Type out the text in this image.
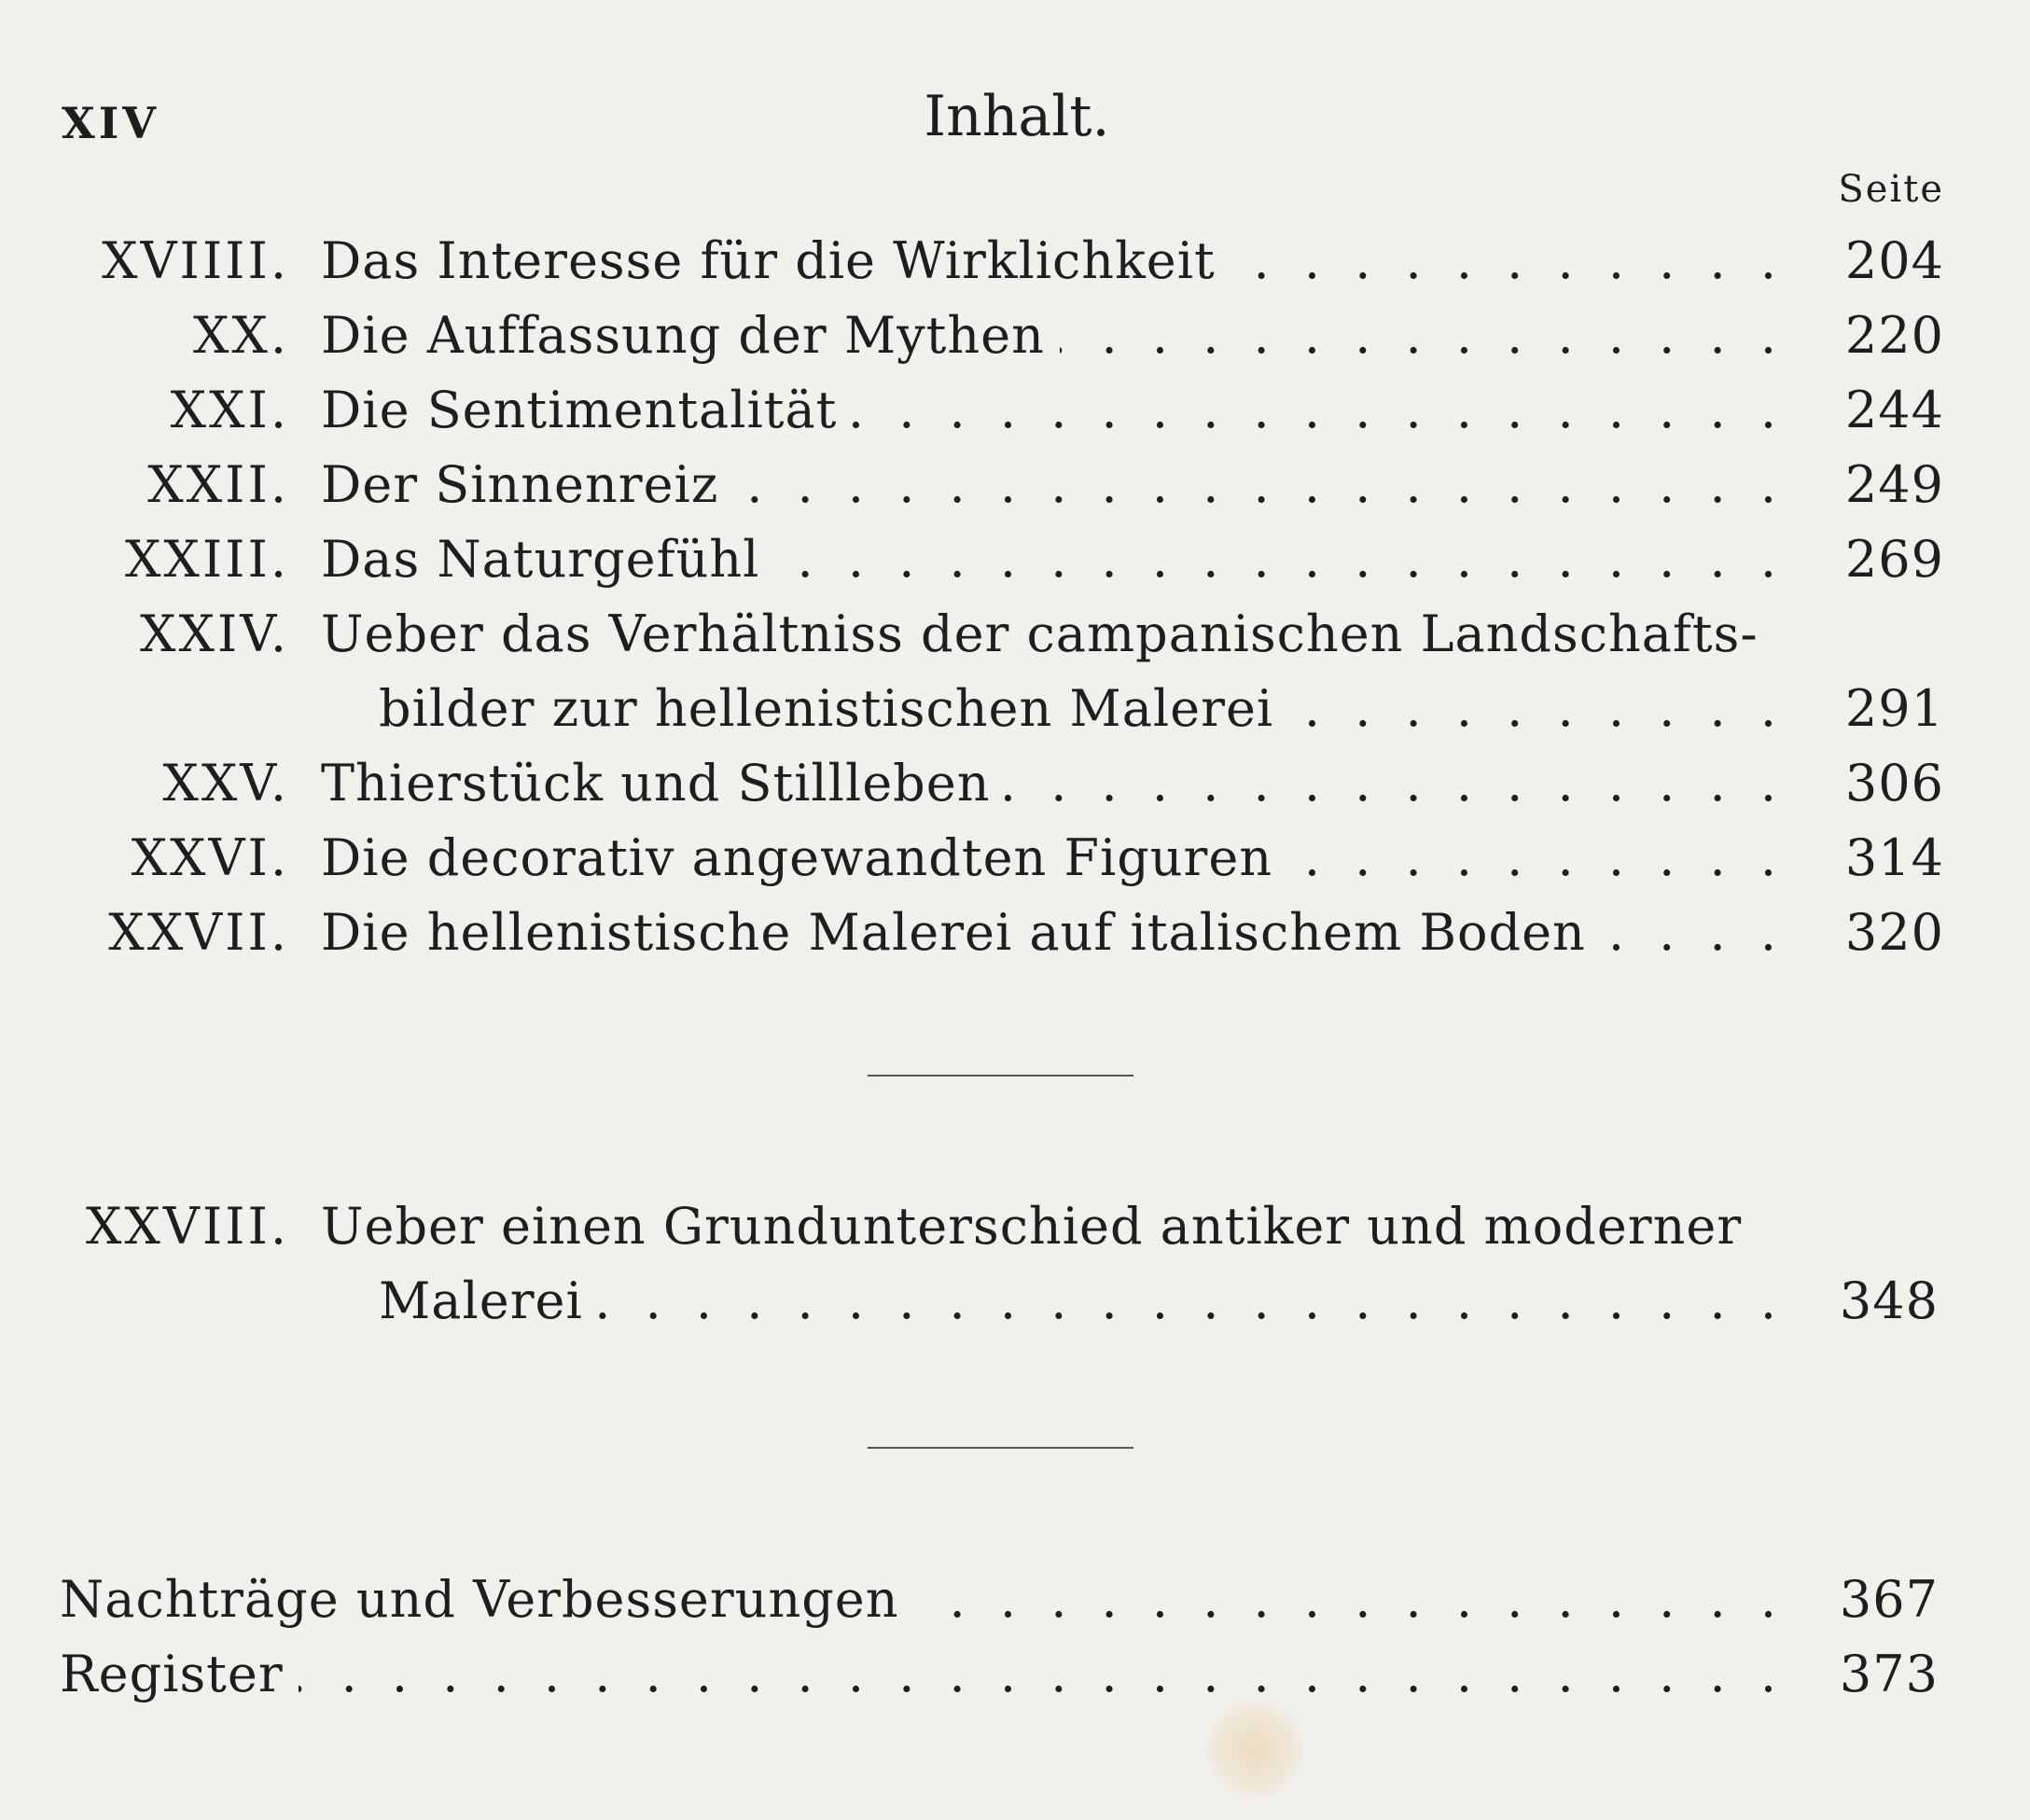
XIV	Inhalt.
Seite
XVIIII. Das Interesse für die Wirklichkeit . . .	204
XX. Die Auffassung der Mythen . . .	220
XXI. Die Sentimentalität . . .	244
XXII. Der Sinnenreiz . . .	249
XXIII. Das Naturgefühl . . .	269
XXIV. Ueber das Verhältniss der campanischen Landschafts-
bilder zur hellenistischen Malerei . . .	291
XXV. Thierstück und Stillleben . . .	306
XXVI. Die decorativ angewandten Figuren . . .	314
XXVII. Die hellenistische Malerei auf italischem Boden . . .	320
XXVIII. Ueber einen Grundunterschied antiker und moderner
Malerei . . .	348
Nachträge und Verbesserungen . . .	367
Register . . .	373
